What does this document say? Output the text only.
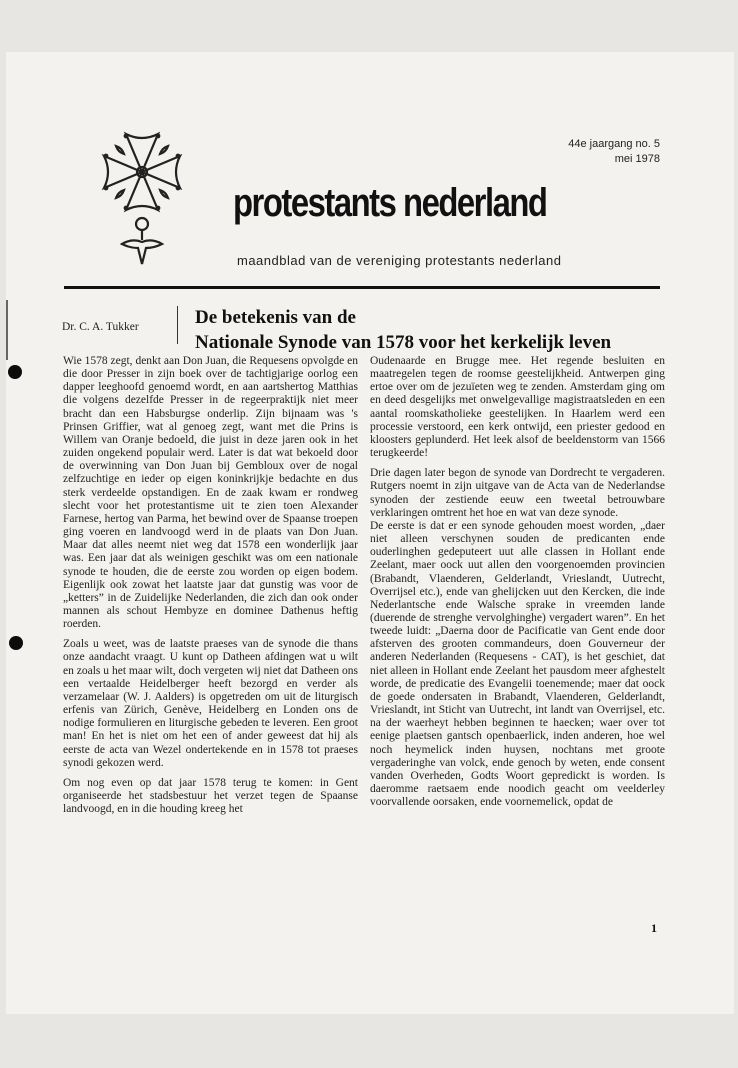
44e jaargang no. 5
mei 1978
protestants nederland
maandblad van de vereniging protestants nederland
Dr. C. A. Tukker	De betekenis van de
Nationale Synode van 1578 voor het kerkelijk leven

Wie 1578 zegt, denkt aan Don Juan, die Requesens opvolgde en die door Presser in zijn boek over de tachtigjarige oorlog een dapper leeghoofd genoemd wordt, en aan aartshertog Matthias die volgens dezelfde Presser in de regeerpraktijk niet meer bracht dan een Habsburgse onderlip. Zijn bijnaam was 's Prinsen Griffier, wat al genoeg zegt, want met die Prins is Willem van Oranje bedoeld, die juist in deze jaren ook in het zuiden ongekend populair werd. Later is dat wat bekoeld door de overwinning van Don Juan bij Gembloux over de nogal zelfzuchtige en ieder op eigen koninkrijkje bedachte en dus sterk verdeelde opstandigen. En de zaak kwam er rondweg slecht voor het protestantisme uit te zien toen Alexander Farnese, hertog van Parma, het bewind over de Spaanse troepen ging voeren en landvoogd werd in de plaats van Don Juan. Maar dat alles neemt niet weg dat 1578 een wonderlijk jaar was. Een jaar dat als weinigen geschikt was om een nationale synode te houden, die de eerste zou worden op eigen bodem. Eigenlijk ook zowat het laatste jaar dat gunstig was voor de „ketters” in de Zuidelijke Nederlanden, die zich dan ook onder mannen als schout Hembyze en dominee Dathenus heftig roerden.

Zoals u weet, was de laatste praeses van de synode die thans onze aandacht vraagt. U kunt op Datheen afdingen wat u wilt en zoals u het maar wilt, doch vergeten wij niet dat Datheen ons een vertaalde Heidelberger heeft bezorgd en verder als verzamelaar (W. J. Aalders) is opgetreden om uit de liturgisch erfenis van Zürich, Genève, Heidelberg en Londen ons de nodige formulieren en liturgische gebeden te leveren. Een groot man! En het is niet om het een of ander geweest dat hij als eerste de acta van Wezel ondertekende en in 1578 tot praeses synodi gekozen werd.

Om nog even op dat jaar 1578 terug te komen: in Gent organiseerde het stadsbestuur het verzet tegen de Spaanse landvoogd, en in die houding kreeg het

Oudenaarde en Brugge mee. Het regende besluiten en maatregelen tegen de roomse geestelijkheid. Antwerpen ging ertoe over om de jezuïeten weg te zenden. Amsterdam ging om en deed desgelijks met onwelgevallige magistraatsleden en een aantal roomskatholieke geestelijken. In Haarlem werd een processie verstoord, een kerk ontwijd, een priester gedood en kloosters geplunderd. Het leek alsof de beeldenstorm van 1566 terugkeerde!

Drie dagen later begon de synode van Dordrecht te vergaderen. Rutgers noemt in zijn uitgave van de Acta van de Nederlandse synoden der zestiende eeuw een tweetal betrouwbare verklaringen omtrent het hoe en wat van deze synode.

De eerste is dat er een synode gehouden moest worden, „daer niet alleen verschynen souden de predicanten ende ouderlinghen gedeputeert uut alle classen in Hollant ende Zeelant, maer oock uut allen den voorgenoemden provincien (Brabandt, Vlaenderen, Gelderlandt, Vrieslandt, Uutrecht, Overrijsel etc.), ende van ghelijcken uut den Kercken, die inde Nederlantsche ende Walsche sprake in vreemden lande (duerende de strenghe vervolghinghe) vergadert waren”. En het tweede luidt: „Daerna door de Pacificatie van Gent ende door afsterven des grooten commandeurs, doen Gouverneur der anderen Nederlanden (Requesens - CAT), is het geschiet, dat niet alleen in Hollant ende Zeelant het pausdom meer afghestelt worde, de predicatie des Evangelii toenemende; maer dat oock de goede ondersaten in Brabandt, Vlaenderen, Gelderlandt, Vrieslandt, int Sticht van Uutrecht, int landt van Overrijsel, etc. na der waerheyt hebben beginnen te haecken; waer over tot eenige plaetsen gantsch openbaerlick, inden anderen, hoe wel noch heymelick inden huysen, nochtans met groote vergaderinghe van volck, ende genoch by weten, ende consent vanden Overheden, Godts Woort gepredickt is worden. Is daeromme raetsaem ende noodich geacht om veelderley voorvallende oorsaken, ende voornemelick, opdat de

1
